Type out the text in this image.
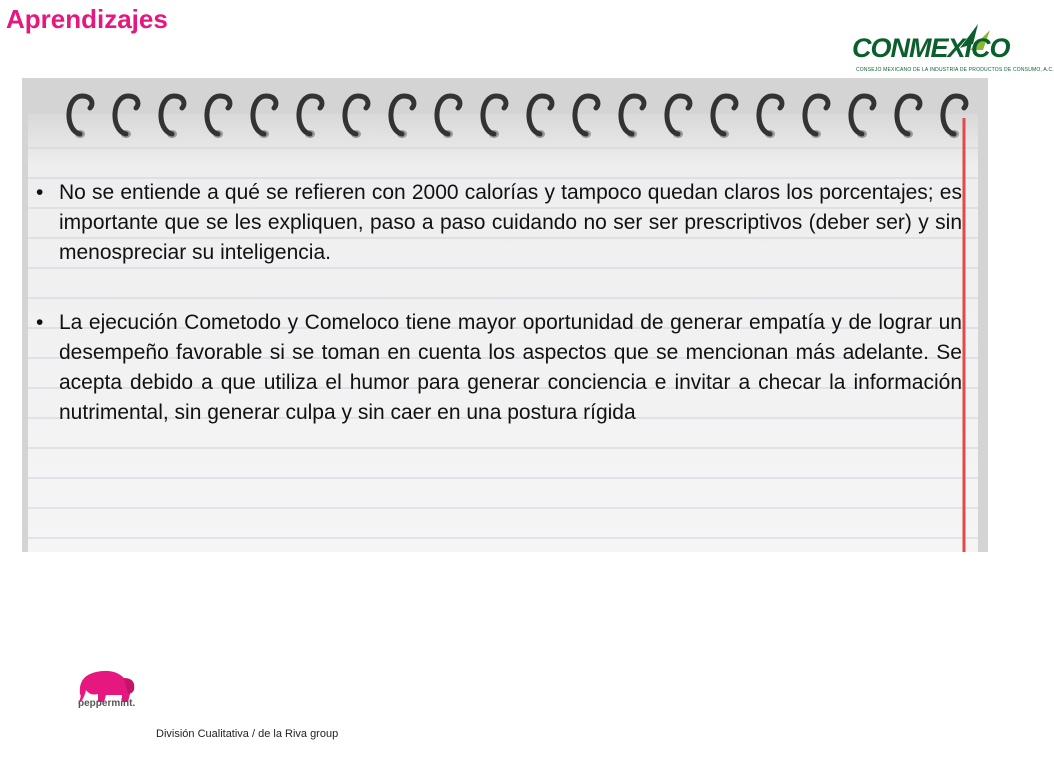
Aprendizajes
CONMEXICO
CONSEJO MEXICANO DE LA INDUSTRIA DE PRODUCTOS DE CONSUMO, A.C.
• No se entiende a qué se refieren con 2000 calorías y tampoco quedan claros los porcentajes; es importante que se les expliquen, paso a paso cuidando no ser ser prescriptivos (deber ser) y sin menospreciar su inteligencia.
• La ejecución Cometodo y Comeloco tiene mayor oportunidad de generar empatía y de lograr un desempeño favorable si se toman en cuenta los aspectos que se mencionan más adelante. Se acepta debido a que utiliza el humor para generar conciencia e invitar a checar la información nutrimental, sin generar culpa y sin caer en una postura rígida
peppermint.
División Cualitativa / de la Riva group
12-1090/MO-JMC/10	12/11/2018	7
